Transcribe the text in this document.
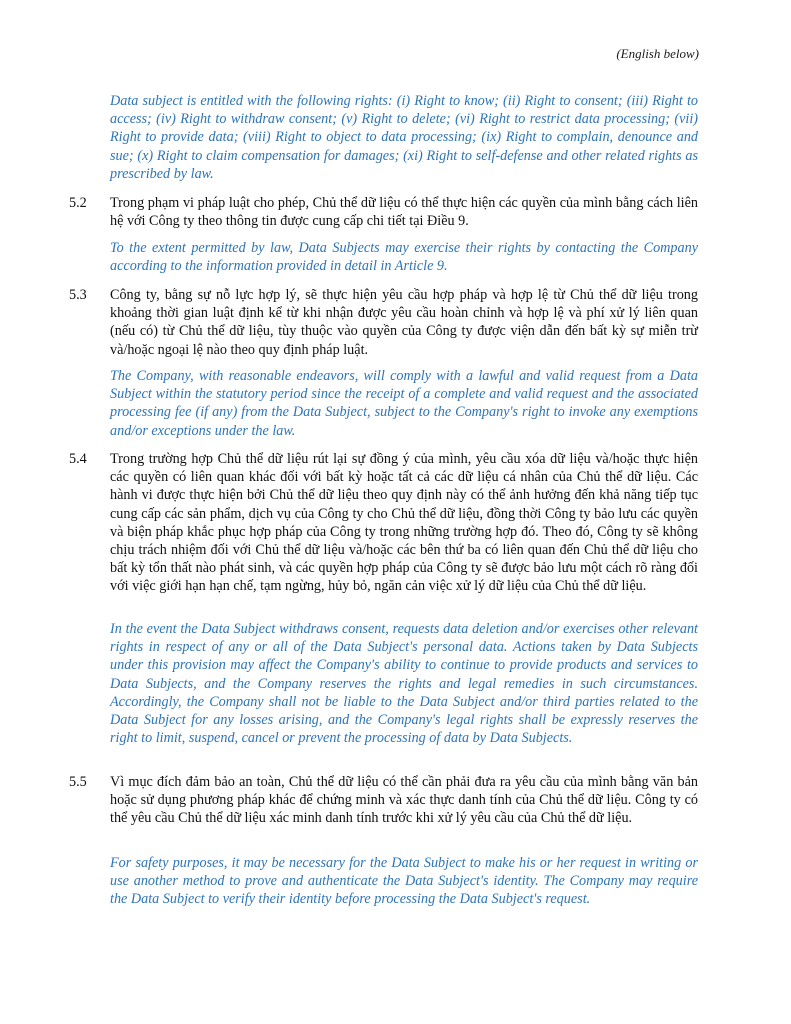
(English below)
Data subject is entitled with the following rights: (i) Right to know; (ii) Right to consent; (iii) Right to access; (iv) Right to withdraw consent; (v) Right to delete; (vi) Right to restrict data processing; (vii) Right to provide data; (viii) Right to object to data processing; (ix) Right to complain, denounce and sue; (x) Right to claim compensation for damages; (xi) Right to self-defense and other related rights as prescribed by law.
5.2 Trong phạm vi pháp luật cho phép, Chủ thể dữ liệu có thể thực hiện các quyền của mình bằng cách liên hệ với Công ty theo thông tin được cung cấp chi tiết tại Điều 9.
To the extent permitted by law, Data Subjects may exercise their rights by contacting the Company according to the information provided in detail in Article 9.
5.3 Công ty, bằng sự nỗ lực hợp lý, sẽ thực hiện yêu cầu hợp pháp và hợp lệ từ Chủ thể dữ liệu trong khoảng thời gian luật định kể từ khi nhận được yêu cầu hoàn chỉnh và hợp lệ và phí xử lý liên quan (nếu có) từ Chủ thể dữ liệu, tùy thuộc vào quyền của Công ty được viện dẫn đến bất kỳ sự miễn trừ và/hoặc ngoại lệ nào theo quy định pháp luật.
The Company, with reasonable endeavors, will comply with a lawful and valid request from a Data Subject within the statutory period since the receipt of a complete and valid request and the associated processing fee (if any) from the Data Subject, subject to the Company's right to invoke any exemptions and/or exceptions under the law.
5.4 Trong trường hợp Chủ thể dữ liệu rút lại sự đồng ý của mình, yêu cầu xóa dữ liệu và/hoặc thực hiện các quyền có liên quan khác đối với bất kỳ hoặc tất cả các dữ liệu cá nhân của Chủ thể dữ liệu. Các hành vi được thực hiện bởi Chủ thể dữ liệu theo quy định này có thể ảnh hưởng đến khả năng tiếp tục cung cấp các sản phẩm, dịch vụ của Công ty cho Chủ thể dữ liệu, đồng thời Công ty bảo lưu các quyền và biện pháp khắc phục hợp pháp của Công ty trong những trường hợp đó. Theo đó, Công ty sẽ không chịu trách nhiệm đối với Chủ thể dữ liệu và/hoặc các bên thứ ba có liên quan đến Chủ thể dữ liệu cho bất kỳ tổn thất nào phát sinh, và các quyền hợp pháp của Công ty sẽ được bảo lưu một cách rõ ràng đối với việc giới hạn hạn chế, tạm ngừng, hủy bỏ, ngăn cản việc xử lý dữ liệu của Chủ thể dữ liệu.
In the event the Data Subject withdraws consent, requests data deletion and/or exercises other relevant rights in respect of any or all of the Data Subject's personal data. Actions taken by Data Subjects under this provision may affect the Company's ability to continue to provide products and services to Data Subjects, and the Company reserves the rights and legal remedies in such circumstances. Accordingly, the Company shall not be liable to the Data Subject and/or third parties related to the Data Subject for any losses arising, and the Company's legal rights shall be expressly reserves the right to limit, suspend, cancel or prevent the processing of data by Data Subjects.
5.5 Vì mục đích đảm bảo an toàn, Chủ thể dữ liệu có thể cần phải đưa ra yêu cầu của mình bằng văn bản hoặc sử dụng phương pháp khác để chứng minh và xác thực danh tính của Chủ thể dữ liệu. Công ty có thể yêu cầu Chủ thể dữ liệu xác minh danh tính trước khi xử lý yêu cầu của Chủ thể dữ liệu.
For safety purposes, it may be necessary for the Data Subject to make his or her request in writing or use another method to prove and authenticate the Data Subject's identity. The Company may require the Data Subject to verify their identity before processing the Data Subject's request.
